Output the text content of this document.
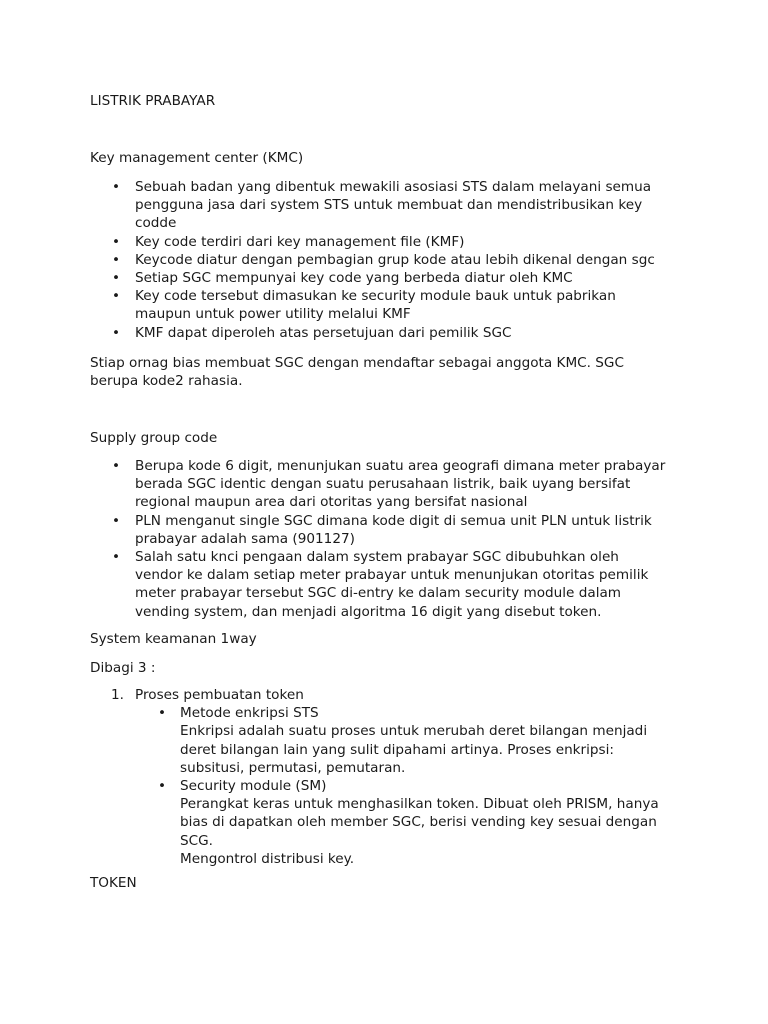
LISTRIK PRABAYAR

Key management center (KMC)

• Sebuah badan yang dibentuk mewakili asosiasi STS dalam melayani semua
pengguna jasa dari system STS untuk membuat dan mendistribusikan key
codde
• Key code terdiri dari key management file (KMF)
• Keycode diatur dengan pembagian grup kode atau lebih dikenal dengan sgc
• Setiap SGC mempunyai key code yang berbeda diatur oleh KMC
• Key code tersebut dimasukan ke security module bauk untuk pabrikan
maupun untuk power utility melalui KMF
• KMF dapat diperoleh atas persetujuan dari pemilik SGC

Stiap ornag bias membuat SGC dengan mendaftar sebagai anggota KMC. SGC

berupa kode2 rahasia.

Supply group code

• Berupa kode 6 digit, menunjukan suatu area geografi dimana meter prabayar
berada SGC identic dengan suatu perusahaan listrik, baik uyang bersifat
regional maupun area dari otoritas yang bersifat nasional
• PLN menganut single SGC dimana kode digit di semua unit PLN untuk listrik
prabayar adalah sama (901127)
• Salah satu knci pengaan dalam system prabayar SGC dibubuhkan oleh
vendor ke dalam setiap meter prabayar untuk menunjukan otoritas pemilik
meter prabayar tersebut SGC di-entry ke dalam security module dalam
vending system, dan menjadi algoritma 16 digit yang disebut token.

System keamanan 1way

Dibagi 3 :

1. Proses pembuatan token
• Metode enkripsi STS
Enkripsi adalah suatu proses untuk merubah deret bilangan menjadi
deret bilangan lain yang sulit dipahami artinya. Proses enkripsi:
subsitusi, permutasi, pemutaran.
• Security module (SM)
Perangkat keras untuk menghasilkan token. Dibuat oleh PRISM, hanya
bias di dapatkan oleh member SGC, berisi vending key sesuai dengan
SCG.
Mengontrol distribusi key.

TOKEN
